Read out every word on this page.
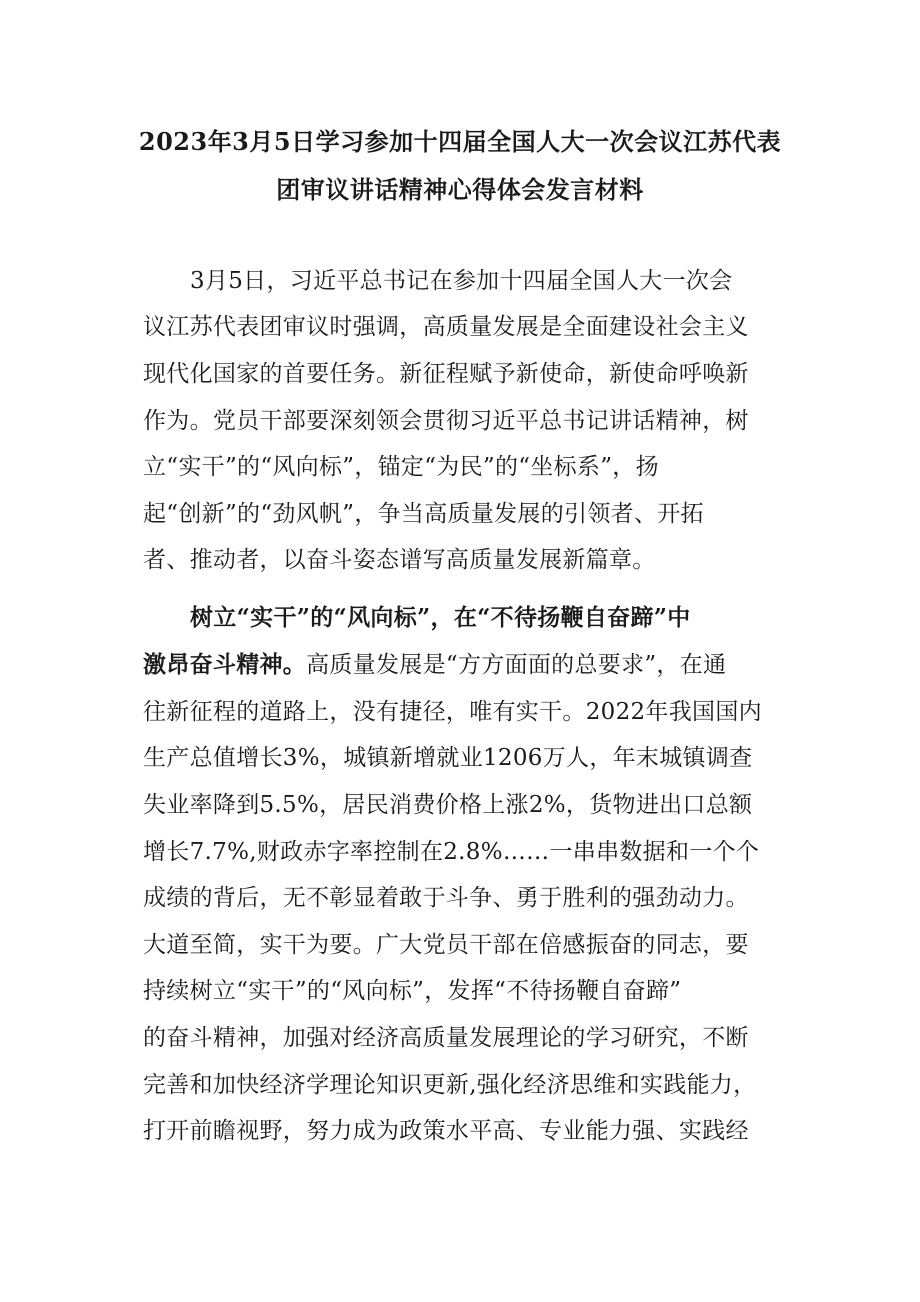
2023年3月5日学习参加十四届全国人大一次会议江苏代表
团审议讲话精神心得体会发言材料
3月5日，习近平总书记在参加十四届全国人大一次会
议江苏代表团审议时强调，高质量发展是全面建设社会主义
现代化国家的首要任务。新征程赋予新使命，新使命呼唤新
作为。党员干部要深刻领会贯彻习近平总书记讲话精神，树
立“实干”的“风向标”，锚定“为民”的“坐标系”，扬
起“创新”的“劲风帆”，争当高质量发展的引领者、开拓
者、推动者，以奋斗姿态谱写高质量发展新篇章。
树立“实干”的“风向标”，在“不待扬鞭自奋蹄”中
激昂奋斗精神。高质量发展是“方方面面的总要求”，在通
往新征程的道路上，没有捷径，唯有实干。2022年我国国内
生产总值增长3%，城镇新增就业1206万人，年末城镇调查
失业率降到5.5%，居民消费价格上涨2%，货物进出口总额
增长7.7%,财政赤字率控制在2.8%……一串串数据和一个个
成绩的背后，无不彰显着敢于斗争、勇于胜利的强劲动力。
大道至简，实干为要。广大党员干部在倍感振奋的同志，要
持续树立“实干”的“风向标”，发挥“不待扬鞭自奋蹄”
的奋斗精神，加强对经济高质量发展理论的学习研究，不断
完善和加快经济学理论知识更新,强化经济思维和实践能力，
打开前瞻视野，努力成为政策水平高、专业能力强、实践经
